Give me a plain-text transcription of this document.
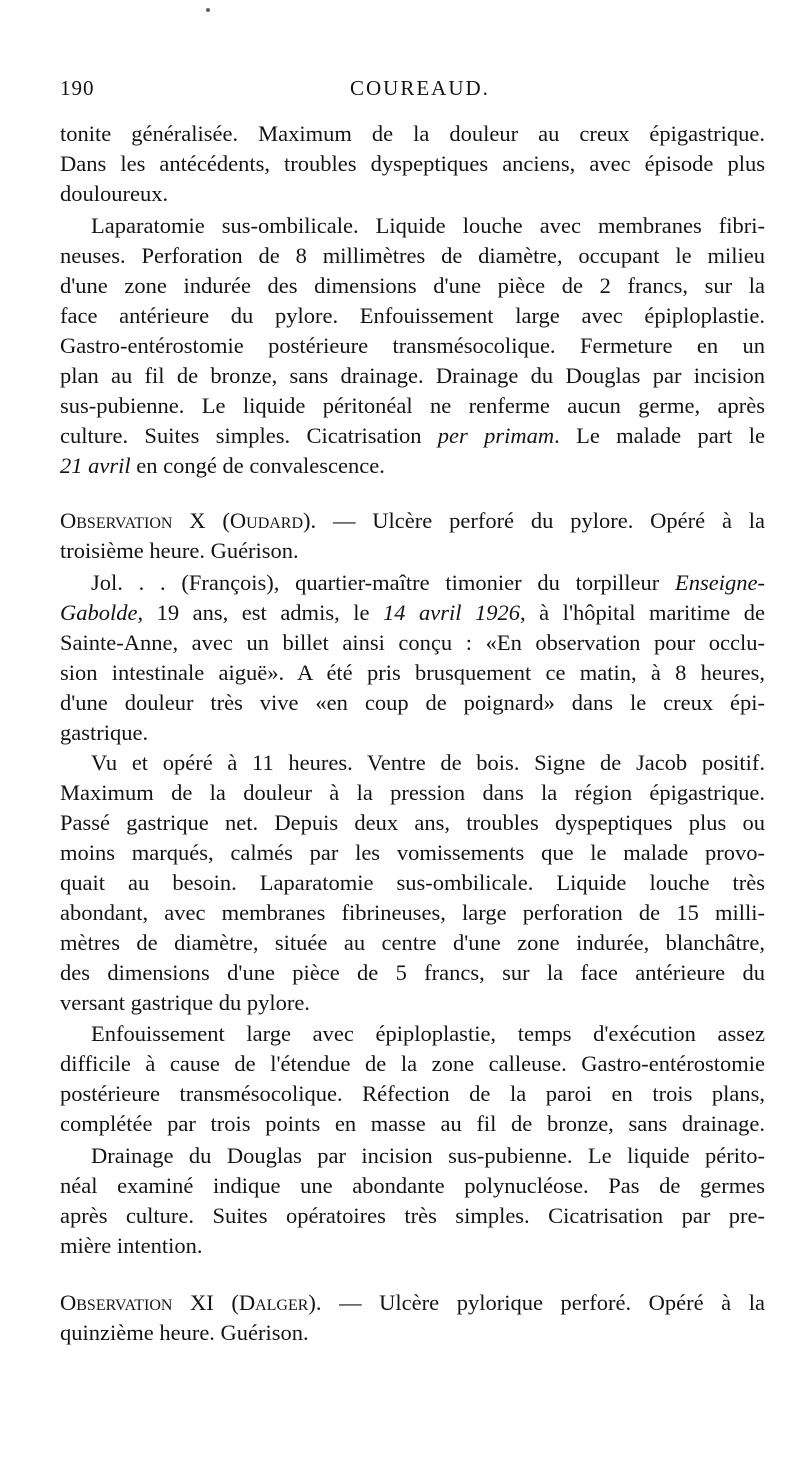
190	COUREAUD.
tonite généralisée. Maximum de la douleur au creux épigastrique.
Dans les antécédents, troubles dyspeptiques anciens, avec épisode plus
douloureux.
Laparatomie sus-ombilicale. Liquide louche avec membranes fibri-
neuses. Perforation de 8 millimètres de diamètre, occupant le milieu
d'une zone indurée des dimensions d'une pièce de 2 francs, sur la
face antérieure du pylore. Enfouissement large avec épiploplastie.
Gastro-entérostomie postérieure transmésocolique. Fermeture en un
plan au fil de bronze, sans drainage. Drainage du Douglas par incision
sus-pubienne. Le liquide péritonéal ne renferme aucun germe, après
culture. Suites simples. Cicatrisation per primam. Le malade part le
21 avril en congé de convalescence.
Observation X (Oudard). — Ulcère perforé du pylore. Opéré à la
troisième heure. Guérison.
Jol. . . (François), quartier-maître timonier du torpilleur Enseigne-
Gabolde, 19 ans, est admis, le 14 avril 1926, à l'hôpital maritime de
Sainte-Anne, avec un billet ainsi conçu : «En observation pour occlu-
sion intestinale aiguë». A été pris brusquement ce matin, à 8 heures,
d'une douleur très vive «en coup de poignard» dans le creux épi-
gastrique.
Vu et opéré à 11 heures. Ventre de bois. Signe de Jacob positif.
Maximum de la douleur à la pression dans la région épigastrique.
Passé gastrique net. Depuis deux ans, troubles dyspeptiques plus ou
moins marqués, calmés par les vomissements que le malade provo-
quait au besoin. Laparatomie sus-ombilicale. Liquide louche très
abondant, avec membranes fibrineuses, large perforation de 15 milli-
mètres de diamètre, située au centre d'une zone indurée, blanchâtre,
des dimensions d'une pièce de 5 francs, sur la face antérieure du
versant gastrique du pylore.
Enfouissement large avec épiploplastie, temps d'exécution assez
difficile à cause de l'étendue de la zone calleuse. Gastro-entérostomie
postérieure transmésocolique. Réfection de la paroi en trois plans,
complétée par trois points en masse au fil de bronze, sans drainage.
Drainage du Douglas par incision sus-pubienne. Le liquide périto-
néal examiné indique une abondante polynucléose. Pas de germes
après culture. Suites opératoires très simples. Cicatrisation par pre-
mière intention.
Observation XI (Dalger). — Ulcère pylorique perforé. Opéré à la
quinzième heure. Guérison.
